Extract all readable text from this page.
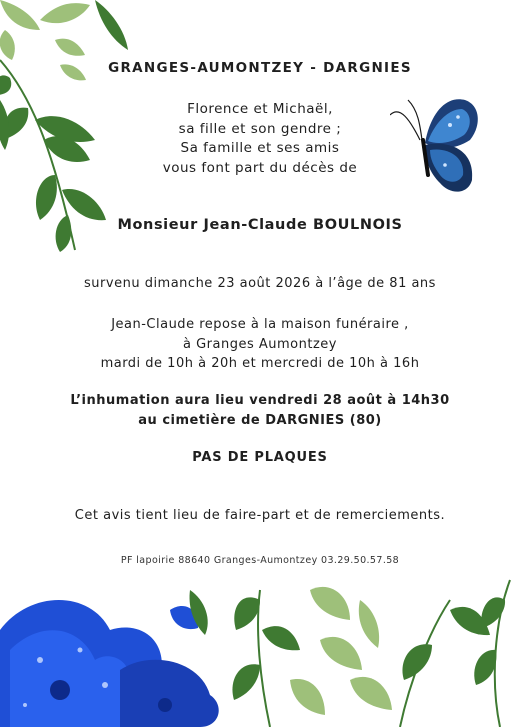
GRANGES-AUMONTZEY - DARGNIES
Florence et Michaël,
sa fille et son gendre ;
Sa famille et ses amis
vous font part du décès de
Monsieur Jean-Claude BOULNOIS
survenu dimanche 23 août 2026 à l’âge de 81 ans
Jean-Claude repose à la maison funéraire ,
à Granges Aumontzey
mardi de 10h à 20h et mercredi de 10h à 16h
L’inhumation aura lieu vendredi 28 août à 14h30
au cimetière de DARGNIES (80)
PAS DE PLAQUES
Cet avis tient lieu de faire-part et de remerciements.
PF lapoirie 88640 Granges-Aumontzey 03.29.50.57.58
